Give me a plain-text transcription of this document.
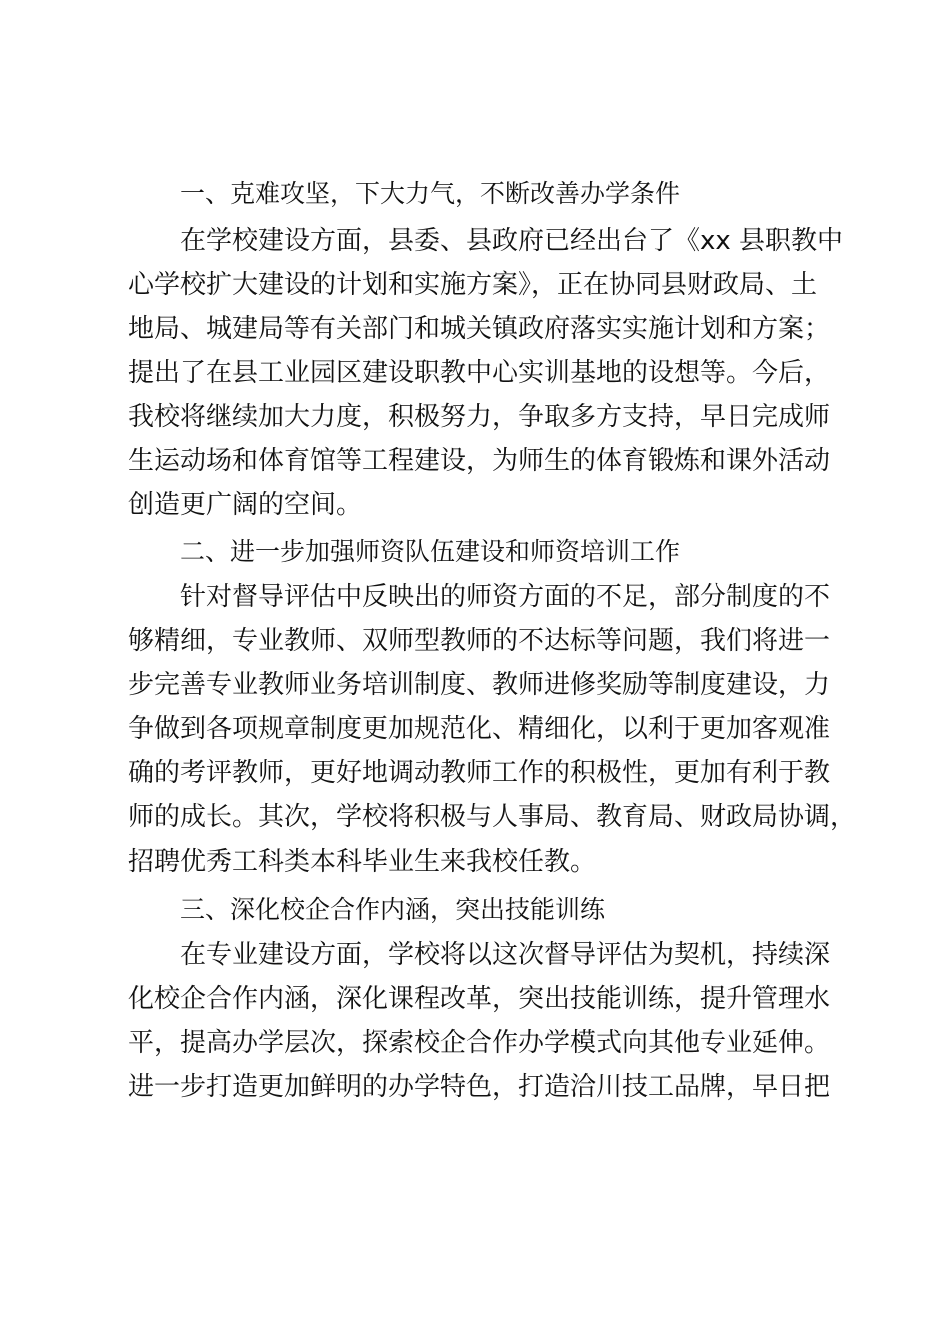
一、克难攻坚，下大力气，不断改善办学条件

在学校建设方面，县委、县政府已经出台了《xx 县职教中

心学校扩大建设的计划和实施方案》，正在协同县财政局、土

地局、城建局等有关部门和城关镇政府落实实施计划和方案；

提出了在县工业园区建设职教中心实训基地的设想等。今后，

我校将继续加大力度，积极努力，争取多方支持，早日完成师

生运动场和体育馆等工程建设，为师生的体育锻炼和课外活动

创造更广阔的空间。

二、进一步加强师资队伍建设和师资培训工作

针对督导评估中反映出的师资方面的不足，部分制度的不

够精细，专业教师、双师型教师的不达标等问题，我们将进一

步完善专业教师业务培训制度、教师进修奖励等制度建设，力

争做到各项规章制度更加规范化、精细化，以利于更加客观准

确的考评教师，更好地调动教师工作的积极性，更加有利于教

师的成长。其次，学校将积极与人事局、教育局、财政局协调，

招聘优秀工科类本科毕业生来我校任教。

三、深化校企合作内涵，突出技能训练

在专业建设方面，学校将以这次督导评估为契机，持续深

化校企合作内涵，深化课程改革，突出技能训练，提升管理水

平，提高办学层次，探索校企合作办学模式向其他专业延伸。

进一步打造更加鲜明的办学特色，打造洽川技工品牌，早日把
